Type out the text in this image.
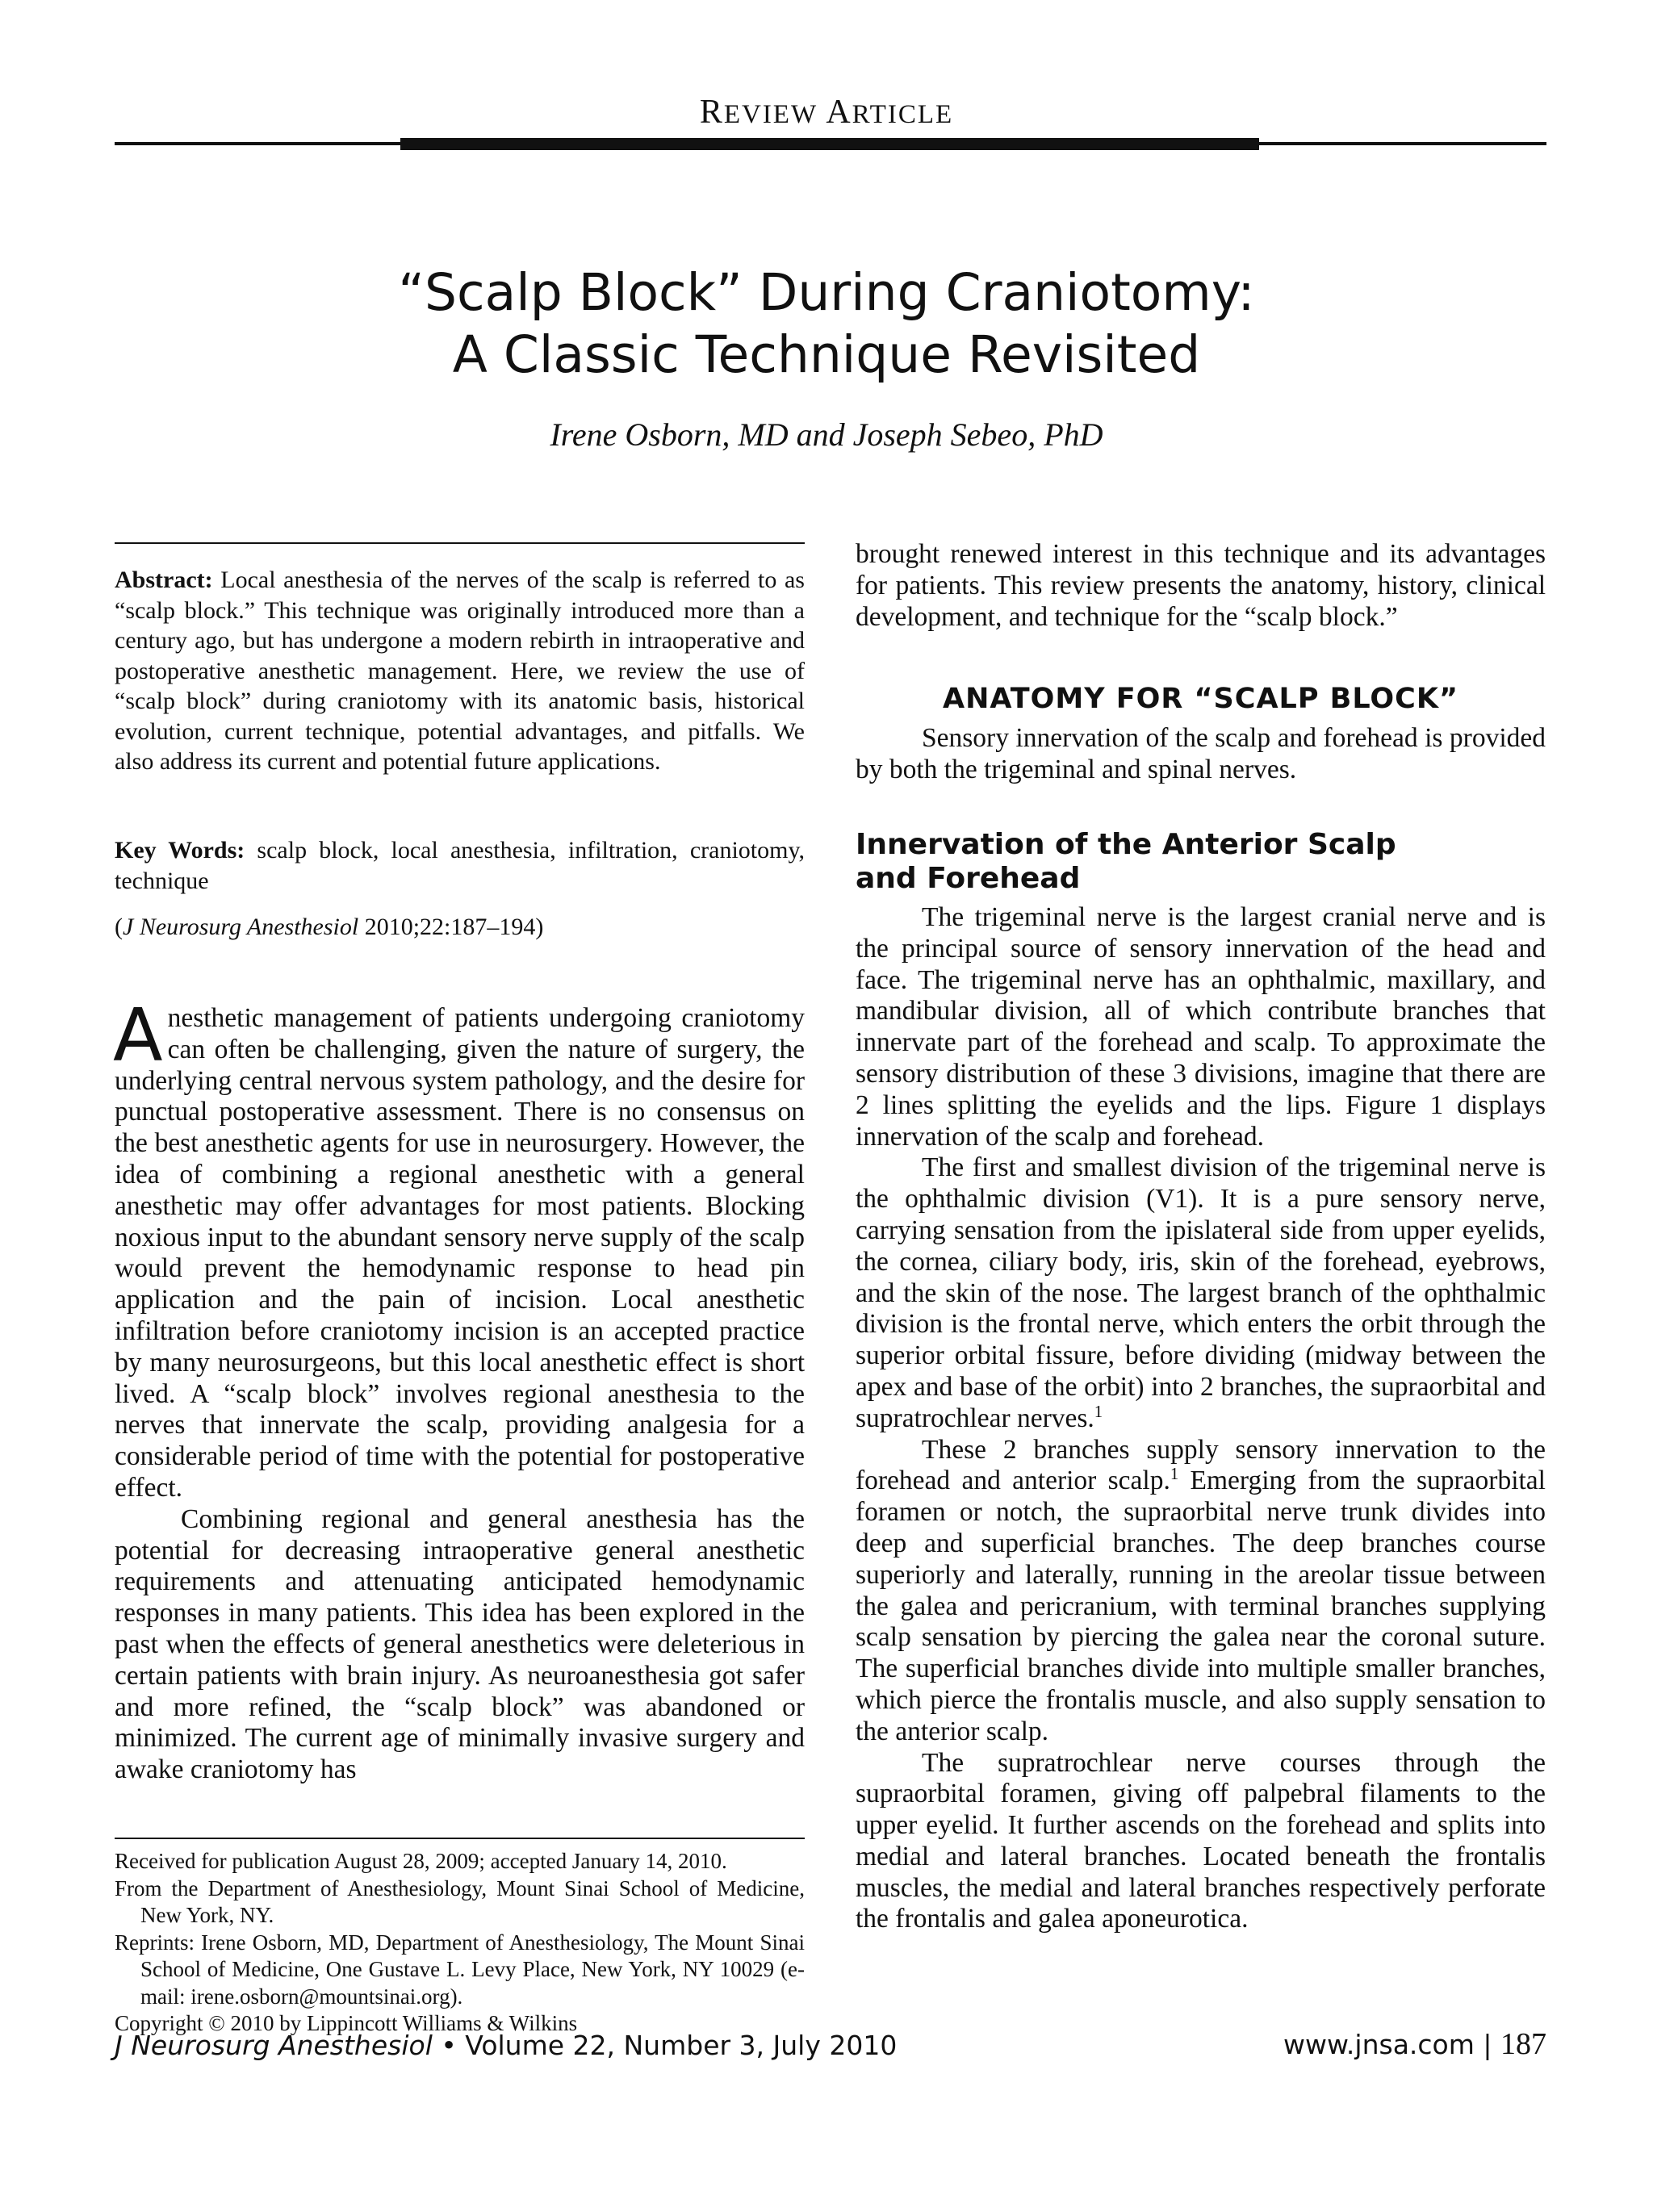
REVIEW ARTICLE
“Scalp Block” During Craniotomy:
A Classic Technique Revisited
Irene Osborn, MD and Joseph Sebeo, PhD
Abstract: Local anesthesia of the nerves of the scalp is referred to as “scalp block.” This technique was originally introduced more than a century ago, but has undergone a modern rebirth in intraoperative and postoperative anesthetic management. Here, we review the use of “scalp block” during craniotomy with its anatomic basis, historical evolution, current technique, potential advantages, and pitfalls. We also address its current and potential future applications.
Key Words: scalp block, local anesthesia, infiltration, craniotomy, technique
(J Neurosurg Anesthesiol 2010;22:187–194)

Anesthetic management of patients undergoing craniotomy can often be challenging, given the nature of surgery, the underlying central nervous system pathology, and the desire for punctual postoperative assessment. There is no consensus on the best anesthetic agents for use in neurosurgery. However, the idea of combining a regional anesthetic with a general anesthetic may offer advantages for most patients. Blocking noxious input to the abundant sensory nerve supply of the scalp would prevent the hemodynamic response to head pin application and the pain of incision. Local anesthetic infiltration before craniotomy incision is an accepted practice by many neurosurgeons, but this local anesthetic effect is short lived. A “scalp block” involves regional anesthesia to the nerves that innervate the scalp, providing analgesia for a considerable period of time with the potential for postoperative effect.

Combining regional and general anesthesia has the potential for decreasing intraoperative general anesthetic requirements and attenuating anticipated hemodynamic responses in many patients. This idea has been explored in the past when the effects of general anesthetics were deleterious in certain patients with brain injury. As neuroanesthesia got safer and more refined, the “scalp block” was abandoned or minimized. The current age of minimally invasive surgery and awake craniotomy has

Received for publication August 28, 2009; accepted January 14, 2010.

From the Department of Anesthesiology, Mount Sinai School of Medicine, New York, NY.

Reprints: Irene Osborn, MD, Department of Anesthesiology, The Mount Sinai School of Medicine, One Gustave L. Levy Place, New York, NY 10029 (e-mail: irene.osborn@mountsinai.org).

Copyright © 2010 by Lippincott Williams & Wilkins

brought renewed interest in this technique and its advantages for patients. This review presents the anatomy, history, clinical development, and technique for the “scalp block.”

ANATOMY FOR “SCALP BLOCK”

Sensory innervation of the scalp and forehead is provided by both the trigeminal and spinal nerves.

Innervation of the Anterior Scalp
and Forehead

The trigeminal nerve is the largest cranial nerve and is the principal source of sensory innervation of the head and face. The trigeminal nerve has an ophthalmic, maxillary, and mandibular division, all of which contribute branches that innervate part of the forehead and scalp. To approximate the sensory distribution of these 3 divisions, imagine that there are 2 lines splitting the eyelids and the lips. Figure 1 displays innervation of the scalp and forehead.

The first and smallest division of the trigeminal nerve is the ophthalmic division (V1). It is a pure sensory nerve, carrying sensation from the ipislateral side from upper eyelids, the cornea, ciliary body, iris, skin of the forehead, eyebrows, and the skin of the nose. The largest branch of the ophthalmic division is the frontal nerve, which enters the orbit through the superior orbital fissure, before dividing (midway between the apex and base of the orbit) into 2 branches, the supraorbital and supratrochlear nerves.$^1$

These 2 branches supply sensory innervation to the forehead and anterior scalp.$^1$ Emerging from the supraorbital foramen or notch, the supraorbital nerve trunk divides into deep and superficial branches. The deep branches course superiorly and laterally, running in the areolar tissue between the galea and pericranium, with terminal branches supplying scalp sensation by piercing the galea near the coronal suture. The superficial branches divide into multiple smaller branches, which pierce the frontalis muscle, and also supply sensation to the anterior scalp.

The supratrochlear nerve courses through the supraorbital foramen, giving off palpebral filaments to the upper eyelid. It further ascends on the forehead and splits into medial and lateral branches. Located beneath the frontalis muscles, the medial and lateral branches respectively perforate the frontalis and galea aponeurotica.

J Neurosurg Anesthesiol • Volume 22, Number 3, July 2010	www.jnsa.com | 187
